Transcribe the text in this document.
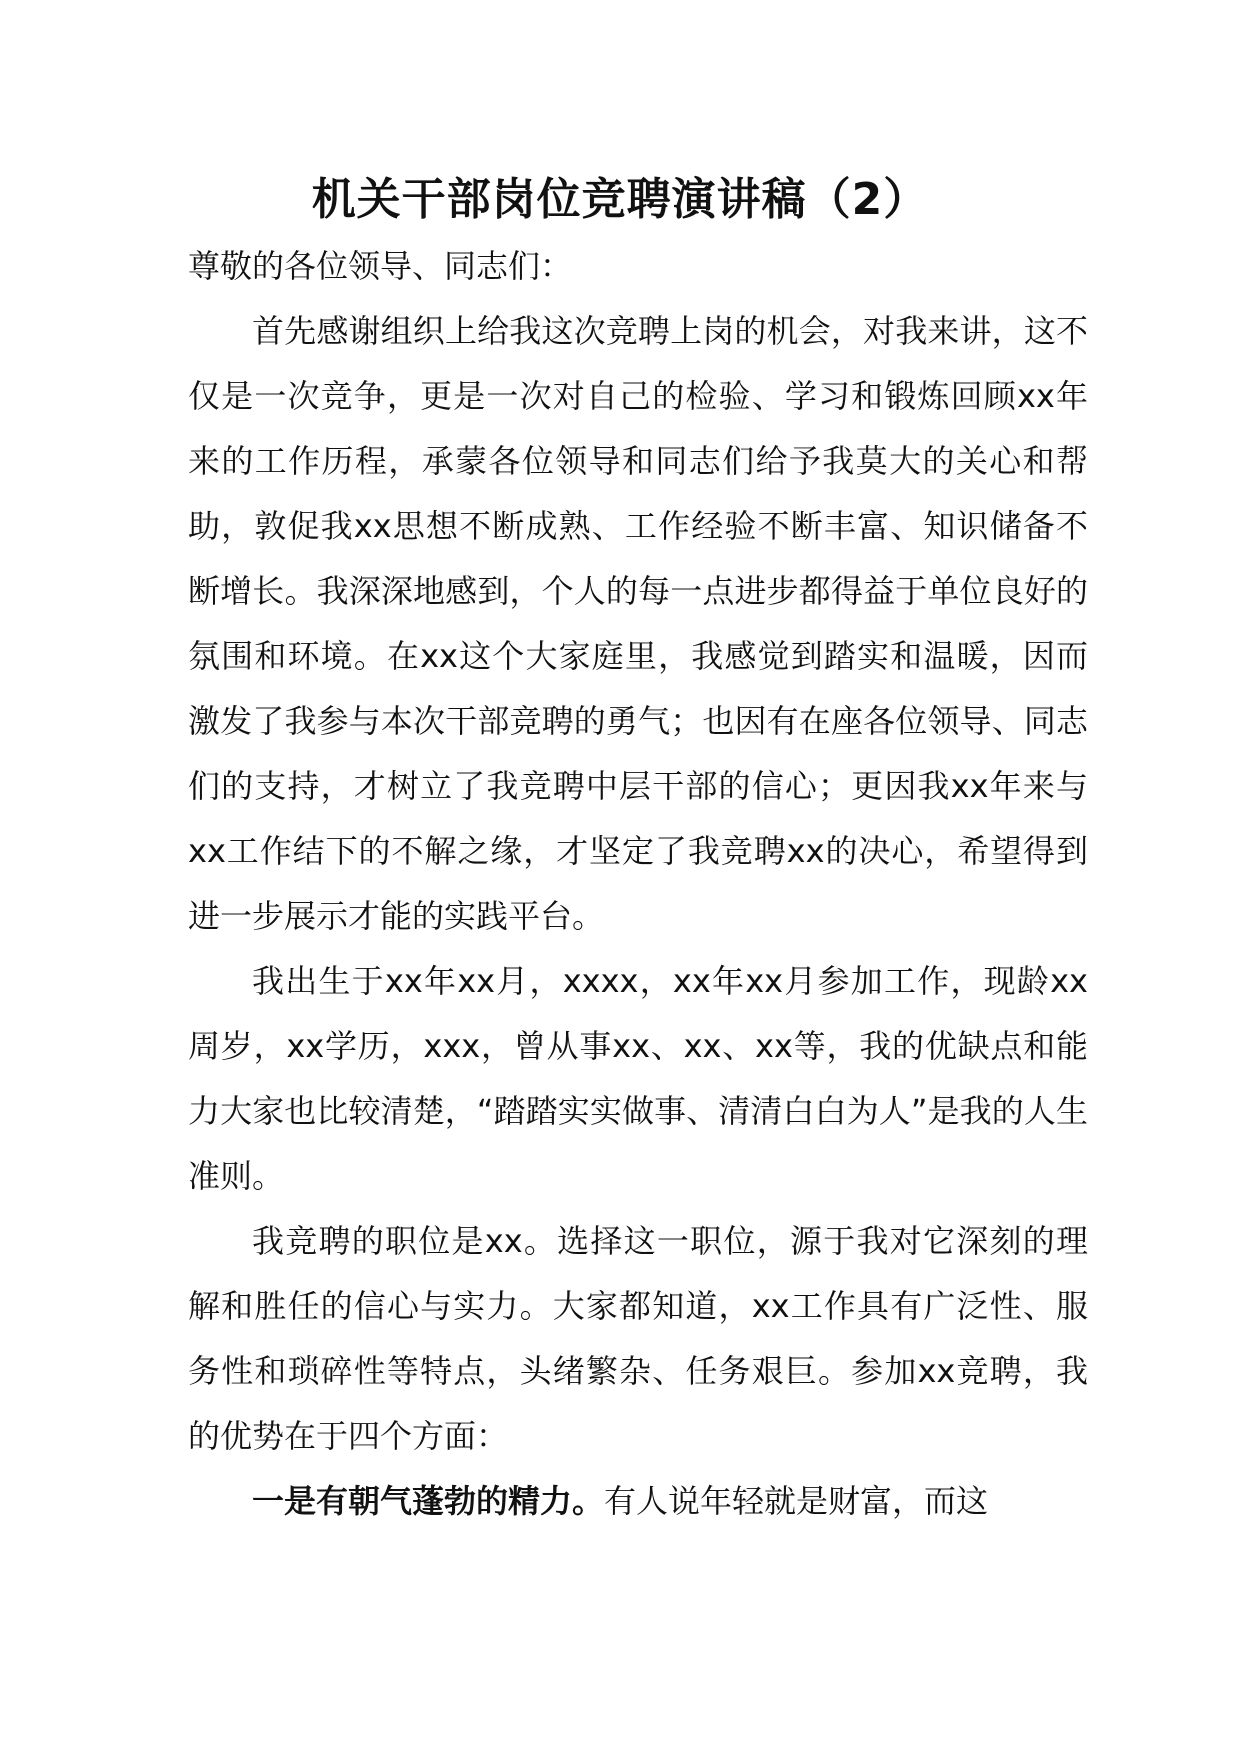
机关干部岗位竞聘演讲稿（2）

尊敬的各位领导、同志们：

首先感谢组织上给我这次竞聘上岗的机会，对我来讲，这不仅是一次竞争，更是一次对自己的检验、学习和锻炼回顾xx年来的工作历程，承蒙各位领导和同志们给予我莫大的关心和帮助，敦促我xx思想不断成熟、工作经验不断丰富、知识储备不断增长。我深深地感到，个人的每一点进步都得益于单位良好的氛围和环境。在xx这个大家庭里，我感觉到踏实和温暖，因而激发了我参与本次干部竞聘的勇气；也因有在座各位领导、同志们的支持，才树立了我竞聘中层干部的信心；更因我xx年来与xx工作结下的不解之缘，才坚定了我竞聘xx的决心，希望得到进一步展示才能的实践平台。

我出生于xx年xx月，xxxx，xx年xx月参加工作，现龄xx周岁，xx学历，xxx，曾从事xx、xx、xx等，我的优缺点和能力大家也比较清楚，“踏踏实实做事、清清白白为人”是我的人生准则。

我竞聘的职位是xx。选择这一职位，源于我对它深刻的理解和胜任的信心与实力。大家都知道，xx工作具有广泛性、服务性和琐碎性等特点，头绪繁杂、任务艰巨。参加xx竞聘，我的优势在于四个方面：

一是有朝气蓬勃的精力。有人说年轻就是财富，而这
